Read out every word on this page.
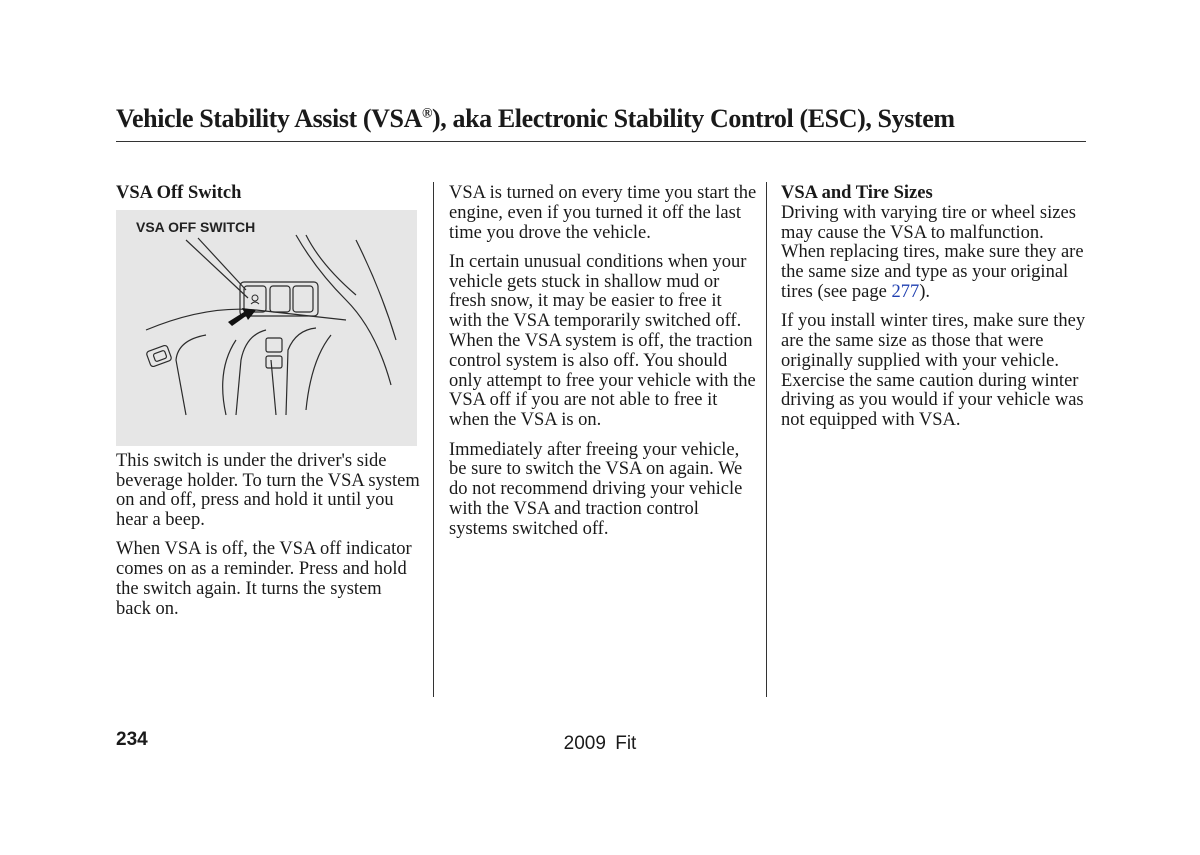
Vehicle Stability Assist (VSA®), aka Electronic Stability Control (ESC), System
VSA Off Switch
VSA OFF SWITCH

This switch is under the driver's side beverage holder. To turn the VSA system on and off, press and hold it until you hear a beep.

When VSA is off, the VSA off indicator comes on as a reminder. Press and hold the switch again. It turns the system back on.

VSA is turned on every time you start the engine, even if you turned it off the last time you drove the vehicle.

In certain unusual conditions when your vehicle gets stuck in shallow mud or fresh snow, it may be easier to free it with the VSA temporarily switched off. When the VSA system is off, the traction control system is also off. You should only attempt to free your vehicle with the VSA off if you are not able to free it when the VSA is on.

Immediately after freeing your vehicle, be sure to switch the VSA on again. We do not recommend driving your vehicle with the VSA and traction control systems switched off.

VSA and Tire Sizes

Driving with varying tire or wheel sizes may cause the VSA to malfunction. When replacing tires, make sure they are the same size and type as your original tires (see page 277).

If you install winter tires, make sure they are the same size as those that were originally supplied with your vehicle. Exercise the same caution during winter driving as you would if your vehicle was not equipped with VSA.

234	2009 Fit
